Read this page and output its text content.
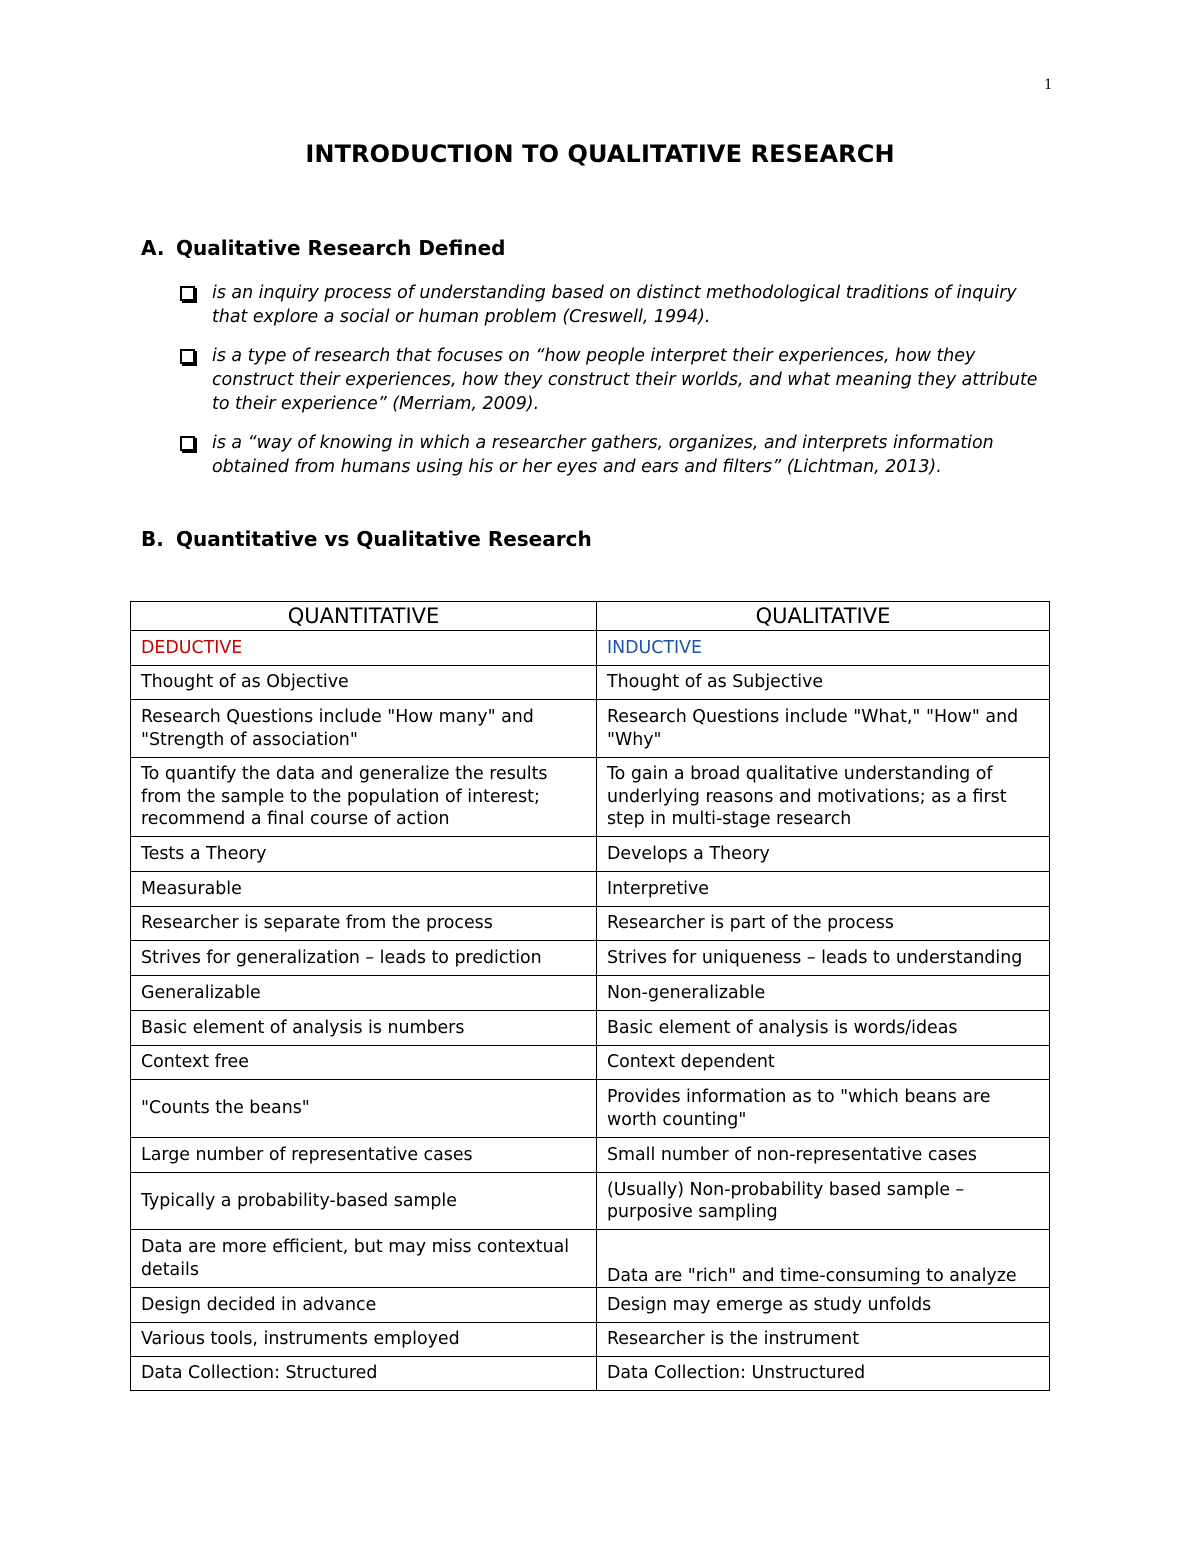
1
INTRODUCTION TO QUALITATIVE RESEARCH
A. Qualitative Research Defined
is an inquiry process of understanding based on distinct methodological traditions of inquiry that explore a social or human problem (Creswell, 1994).
is a type of research that focuses on “how people interpret their experiences, how they construct their experiences, how they construct their worlds, and what meaning they attribute to their experience” (Merriam, 2009).
is a “way of knowing in which a researcher gathers, organizes, and interprets information obtained from humans using his or her eyes and ears and filters” (Lichtman, 2013).
B. Quantitative vs Qualitative Research
QUANTITATIVE	QUALITATIVE
DEDUCTIVE	INDUCTIVE
Thought of as Objective	Thought of as Subjective
Research Questions include "How many" and "Strength of association"	Research Questions include "What," "How" and "Why"
To quantify the data and generalize the results from the sample to the population of interest; recommend a final course of action	To gain a broad qualitative understanding of underlying reasons and motivations; as a first step in multi-stage research
Tests a Theory	Develops a Theory
Measurable	Interpretive
Researcher is separate from the process	Researcher is part of the process
Strives for generalization – leads to prediction	Strives for uniqueness – leads to understanding
Generalizable	Non-generalizable
Basic element of analysis is numbers	Basic element of analysis is words/ideas
Context free	Context dependent
"Counts the beans"	Provides information as to "which beans are worth counting"
Large number of representative cases	Small number of non-representative cases
Typically a probability-based sample	(Usually) Non-probability based sample – purposive sampling
Data are more efficient, but may miss contextual details	Data are "rich" and time-consuming to analyze
Design decided in advance	Design may emerge as study unfolds
Various tools, instruments employed	Researcher is the instrument
Data Collection: Structured	Data Collection: Unstructured
